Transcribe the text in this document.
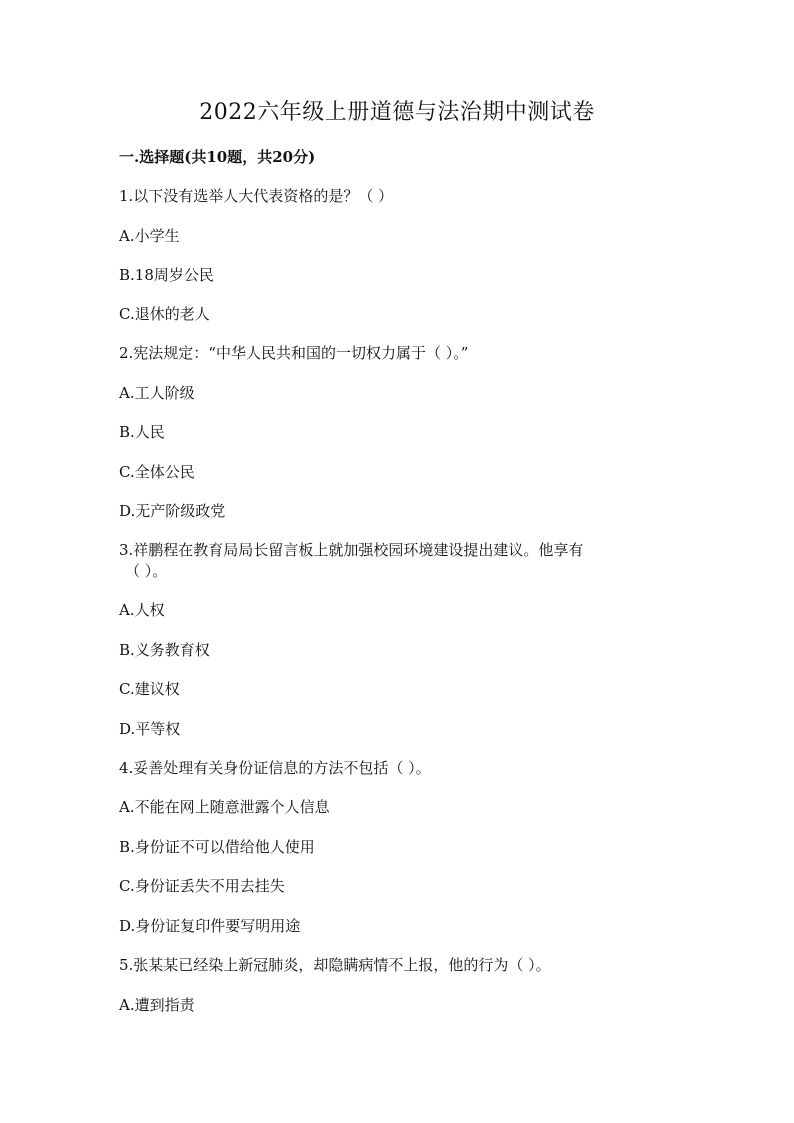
2022六年级上册道德与法治期中测试卷
一.选择题(共10题，共20分)
1.以下没有选举人大代表资格的是？（ ）
A.小学生
B.18周岁公民
C.退休的老人
2.宪法规定：“中华人民共和国的一切权力属于（ ）。”
A.工人阶级
B.人民
C.全体公民
D.无产阶级政党
3.祥鹏程在教育局局长留言板上就加强校园环境建设提出建议。他享有
（ ）。
A.人权
B.义务教育权
C.建议权
D.平等权
4.妥善处理有关身份证信息的方法不包括（ ）。
A.不能在网上随意泄露个人信息
B.身份证不可以借给他人使用
C.身份证丢失不用去挂失
D.身份证复印件要写明用途
5.张某某已经染上新冠肺炎，却隐瞒病情不上报，他的行为（ ）。
A.遭到指责
